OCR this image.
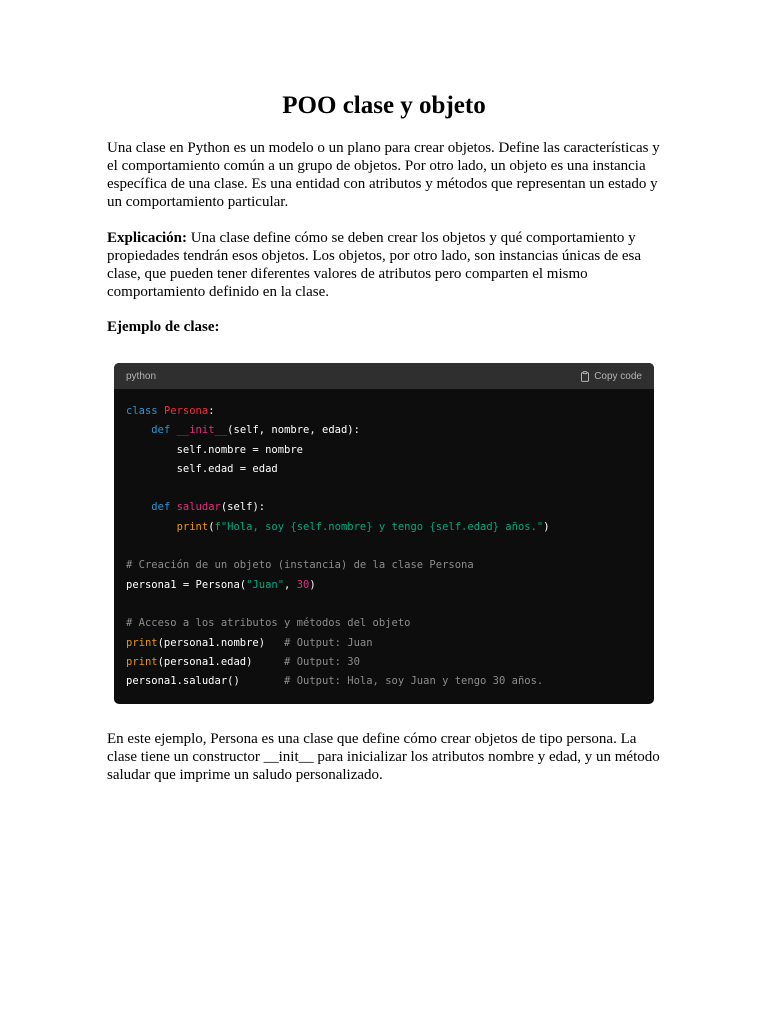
POO clase y objeto

Una clase en Python es un modelo o un plano para crear objetos. Define las características y el comportamiento común a un grupo de objetos. Por otro lado, un objeto es una instancia específica de una clase. Es una entidad con atributos y métodos que representan un estado y un comportamiento particular.

Explicación: Una clase define cómo se deben crear los objetos y qué comportamiento y propiedades tendrán esos objetos. Los objetos, por otro lado, son instancias únicas de esa clase, que pueden tener diferentes valores de atributos pero comparten el mismo comportamiento definido en la clase.

Ejemplo de clase:

python	Copy code
class Persona:
def __init__(self, nombre, edad):
self.nombre = nombre
self.edad = edad
def saludar(self):
print(f"Hola, soy {self.nombre} y tengo {self.edad} años.")
# Creación de un objeto (instancia) de la clase Persona
persona1 = Persona("Juan", 30)
# Acceso a los atributos y métodos del objeto
print(persona1.nombre)   # Output: Juan
print(persona1.edad)     # Output: 30
persona1.saludar()       # Output: Hola, soy Juan y tengo 30 años.

En este ejemplo, Persona es una clase que define cómo crear objetos de tipo persona. La clase tiene un constructor __init__ para inicializar los atributos nombre y edad, y un método saludar que imprime un saludo personalizado.
